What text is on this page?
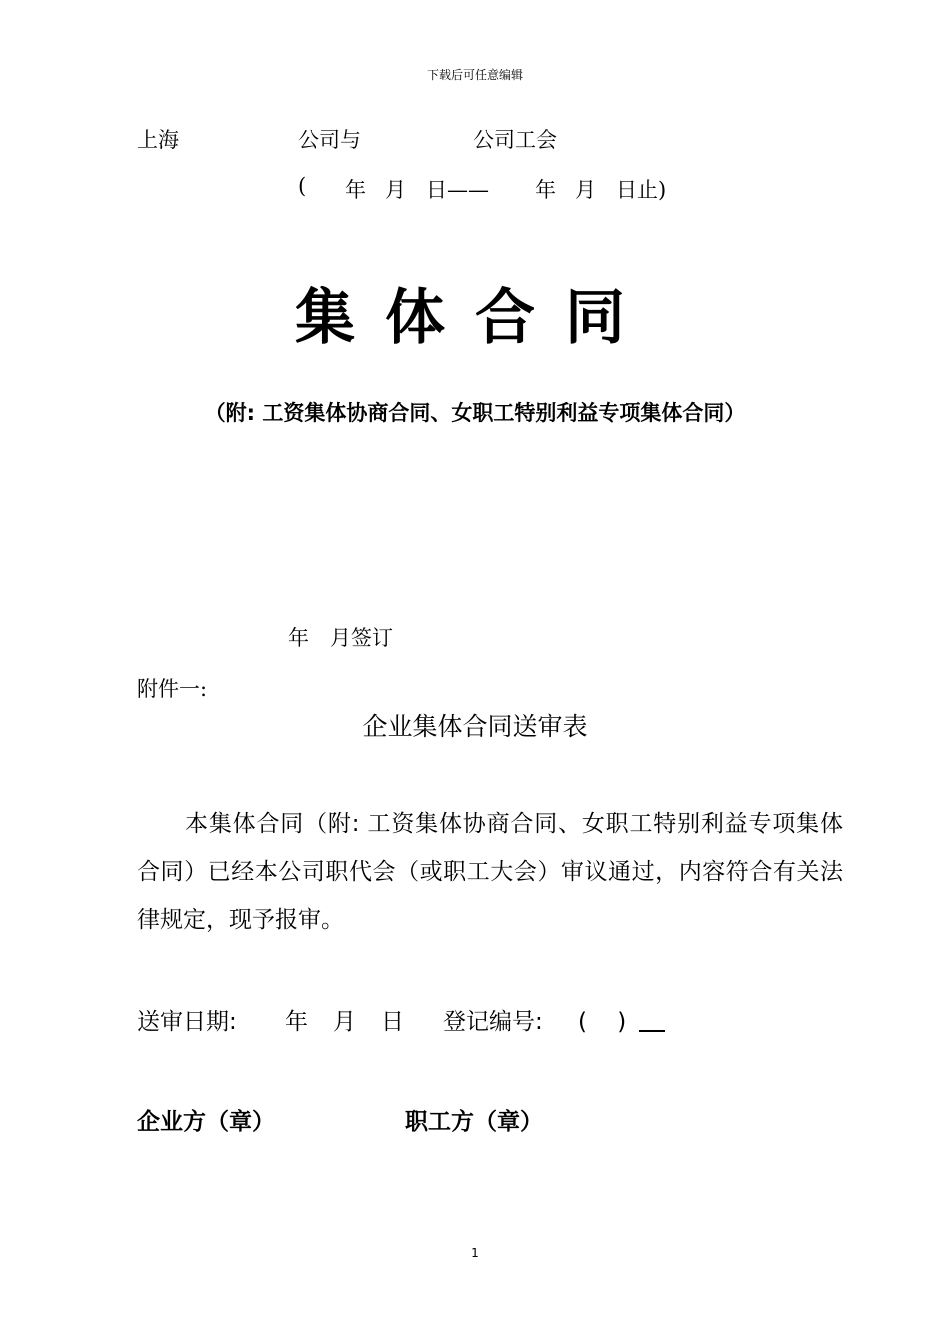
下载后可任意编辑
上海	公司与	公司工会
( 年 月 日—— 年 月 日止)
集体合同
（附: 工资集体协商合同、女职工特别利益专项集体合同）
年　月签订
附件一:
企业集体合同送审表
本集体合同（附: 工资集体协商合同、女职工特别利益专项集体合同）已经本公司职代会（或职工大会）审议通过，内容符合有关法律规定，现予报审。
送审日期: 年 月 日 登记编号: (　 )
企业方（章）	职工方（章）
1
